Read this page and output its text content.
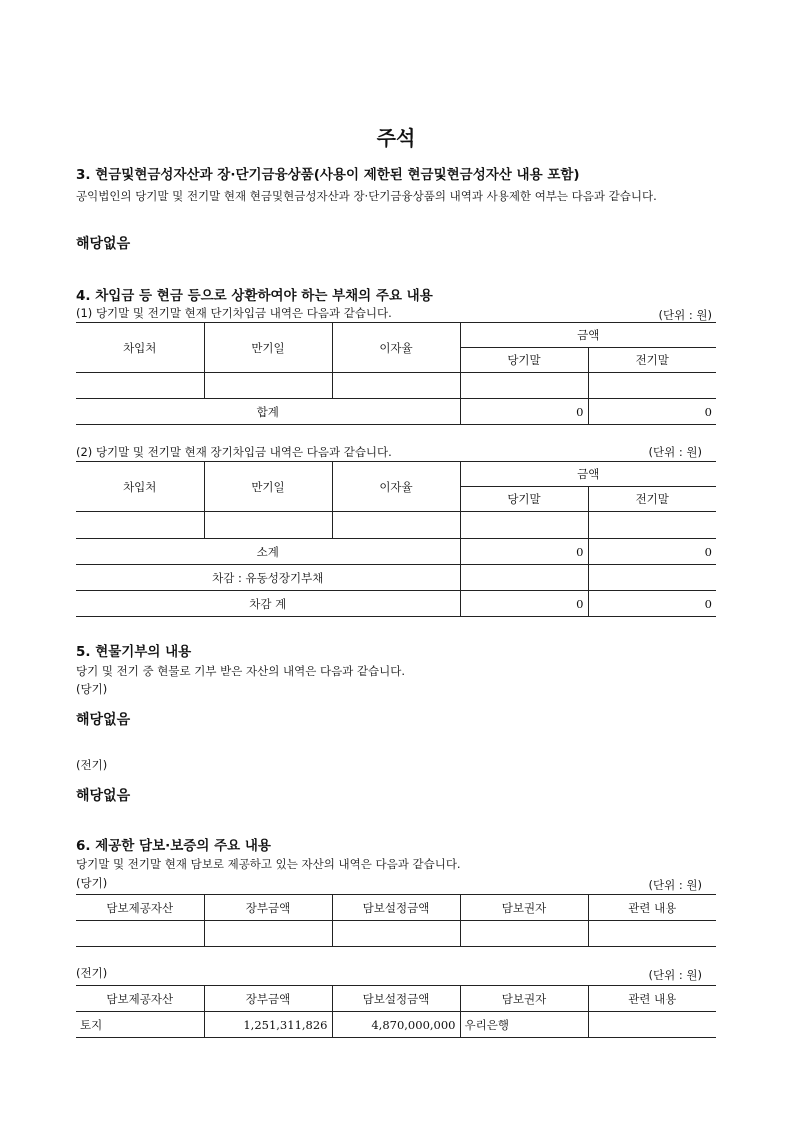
주석
3. 현금및현금성자산과 장·단기금융상품(사용이 제한된 현금및현금성자산 내용 포함)
공익법인의 당기말 및 전기말 현재 현금및현금성자산과 장·단기금융상품의 내역과 사용제한 여부는 다음과 같습니다.
해당없음
4. 차입금 등 현금 등으로 상환하여야 하는 부채의 주요 내용
(1) 당기말 및 전기말 현재 단기차입금 내역은 다음과 같습니다.	(단위 : 원)
차입처	만기일	이자율	금액	
			당기말	전기말

합계			0	0
(2) 당기말 및 전기말 현재 장기차입금 내역은 다음과 같습니다.	(단위 : 원)
차입처	만기일	이자율	금액	
			당기말	전기말

소계			0	0
차감 : 유동성장기부채				
차감 계			0	0
5. 현물기부의 내용
당기 및 전기 중 현물로 기부 받은 자산의 내역은 다음과 같습니다.
(당기)
해당없음
(전기)
해당없음
6. 제공한 담보·보증의 주요 내용
당기말 및 전기말 현재 담보로 제공하고 있는 자산의 내역은 다음과 같습니다.
(당기)	(단위 : 원)
담보제공자산	장부금액	담보설정금액	담보권자	관련 내용

(전기)	(단위 : 원)
담보제공자산	장부금액	담보설정금액	담보권자	관련 내용
토지	1,251,311,826	4,870,000,000	우리은행	
